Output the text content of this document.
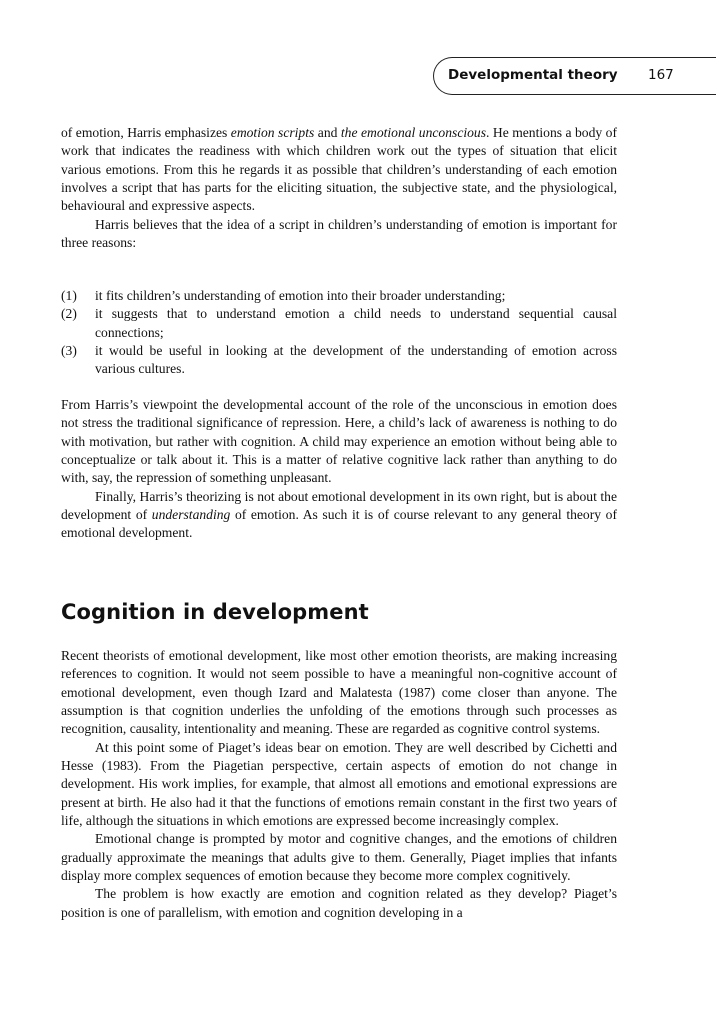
Developmental theory 167

of emotion, Harris emphasizes emotion scripts and the emotional unconscious. He mentions a body of work that indicates the readiness with which children work out the types of situation that elicit various emotions. From this he regards it as possible that children’s understanding of each emotion involves a script that has parts for the eliciting situation, the subjective state, and the physiological, behavioural and expressive aspects.

Harris believes that the idea of a script in children’s understanding of emotion is important for three reasons:

(1) it fits children’s understanding of emotion into their broader understanding;
(2) it suggests that to understand emotion a child needs to understand sequential causal connections;
(3) it would be useful in looking at the development of the understanding of emotion across various cultures.

From Harris’s viewpoint the developmental account of the role of the unconscious in emotion does not stress the traditional significance of repression. Here, a child’s lack of awareness is nothing to do with motivation, but rather with cognition. A child may experience an emotion without being able to conceptualize or talk about it. This is a matter of relative cognitive lack rather than anything to do with, say, the repression of something unpleasant.

Finally, Harris’s theorizing is not about emotional development in its own right, but is about the development of understanding of emotion. As such it is of course relevant to any general theory of emotional development.

Cognition in development

Recent theorists of emotional development, like most other emotion theorists, are making increasing references to cognition. It would not seem possible to have a meaningful non-cognitive account of emotional development, even though Izard and Malatesta (1987) come closer than anyone. The assumption is that cognition underlies the unfolding of the emotions through such processes as recognition, causality, intentionality and meaning. These are regarded as cognitive control systems.

At this point some of Piaget’s ideas bear on emotion. They are well described by Cichetti and Hesse (1983). From the Piagetian perspective, certain aspects of emotion do not change in development. His work implies, for example, that almost all emotions and emotional expressions are present at birth. He also had it that the functions of emotions remain constant in the first two years of life, although the situations in which emotions are expressed become increasingly complex.

Emotional change is prompted by motor and cognitive changes, and the emotions of children gradually approximate the meanings that adults give to them. Generally, Piaget implies that infants display more complex sequences of emotion because they become more complex cognitively.

The problem is how exactly are emotion and cognition related as they develop? Piaget’s position is one of parallelism, with emotion and cognition developing in a
